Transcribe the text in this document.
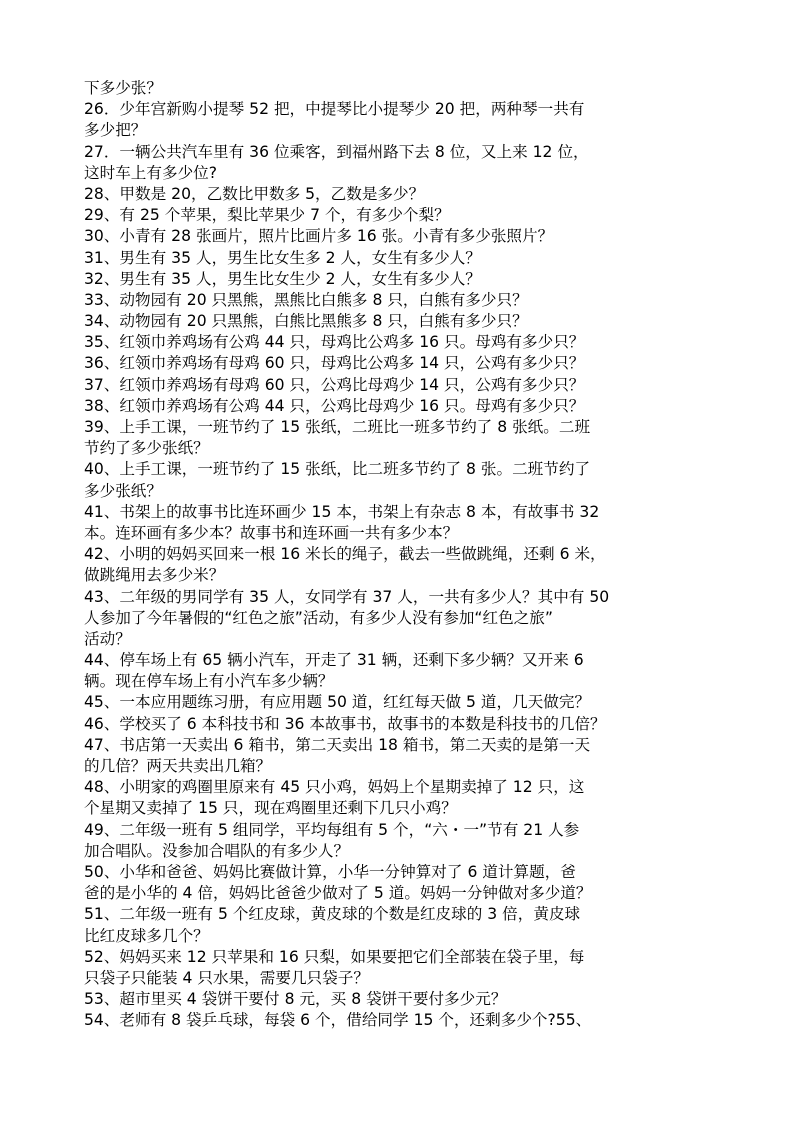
下多少张？
26．少年宫新购小提琴 52 把，中提琴比小提琴少 20 把，两种琴一共有
多少把？
27．一辆公共汽车里有 36 位乘客，到福州路下去 8 位，又上来 12 位，
这时车上有多少位?
28、甲数是 20，乙数比甲数多 5，乙数是多少？
29、有 25 个苹果，梨比苹果少 7 个，有多少个梨？
30、小青有 28 张画片，照片比画片多 16 张。小青有多少张照片？
31、男生有 35 人，男生比女生多 2 人，女生有多少人？
32、男生有 35 人，男生比女生少 2 人，女生有多少人？
33、动物园有 20 只黑熊，黑熊比白熊多 8 只，白熊有多少只？
34、动物园有 20 只黑熊，白熊比黑熊多 8 只，白熊有多少只？
35、红领巾养鸡场有公鸡 44 只，母鸡比公鸡多 16 只。母鸡有多少只？
36、红领巾养鸡场有母鸡 60 只，母鸡比公鸡多 14 只，公鸡有多少只？
37、红领巾养鸡场有母鸡 60 只，公鸡比母鸡少 14 只，公鸡有多少只？
38、红领巾养鸡场有公鸡 44 只，公鸡比母鸡少 16 只。母鸡有多少只？
39、上手工课，一班节约了 15 张纸，二班比一班多节约了 8 张纸。二班
节约了多少张纸？
40、上手工课，一班节约了 15 张纸，比二班多节约了 8 张。二班节约了
多少张纸？
41、书架上的故事书比连环画少 15 本，书架上有杂志 8 本，有故事书 32
本。连环画有多少本？故事书和连环画一共有多少本？
42、小明的妈妈买回来一根 16 米长的绳子，截去一些做跳绳，还剩 6 米，
做跳绳用去多少米？
43、二年级的男同学有 35 人，女同学有 37 人，一共有多少人？其中有 50
人参加了今年暑假的“红色之旅”活动，有多少人没有参加“红色之旅”
活动？
44、停车场上有 65 辆小汽车，开走了 31 辆，还剩下多少辆？又开来 6
辆。现在停车场上有小汽车多少辆？
45、一本应用题练习册，有应用题 50 道，红红每天做 5 道，几天做完？
46、学校买了 6 本科技书和 36 本故事书，故事书的本数是科技书的几倍？
47、书店第一天卖出 6 箱书，第二天卖出 18 箱书，第二天卖的是第一天
的几倍？两天共卖出几箱？
48、小明家的鸡圈里原来有 45 只小鸡，妈妈上个星期卖掉了 12 只，这
个星期又卖掉了 15 只，现在鸡圈里还剩下几只小鸡？
49、二年级一班有 5 组同学，平均每组有 5 个，“六・一”节有 21 人参
加合唱队。没参加合唱队的有多少人？
50、小华和爸爸、妈妈比赛做计算，小华一分钟算对了 6 道计算题，爸
爸的是小华的 4 倍，妈妈比爸爸少做对了 5 道。妈妈一分钟做对多少道？
51、二年级一班有 5 个红皮球，黄皮球的个数是红皮球的 3 倍，黄皮球
比红皮球多几个？
52、妈妈买来 12 只苹果和 16 只梨，如果要把它们全部装在袋子里，每
只袋子只能装 4 只水果，需要几只袋子？
53、超市里买 4 袋饼干要付 8 元，买 8 袋饼干要付多少元？
54、老师有 8 袋乒乓球，每袋 6 个，借给同学 15 个，还剩多少个?55、
